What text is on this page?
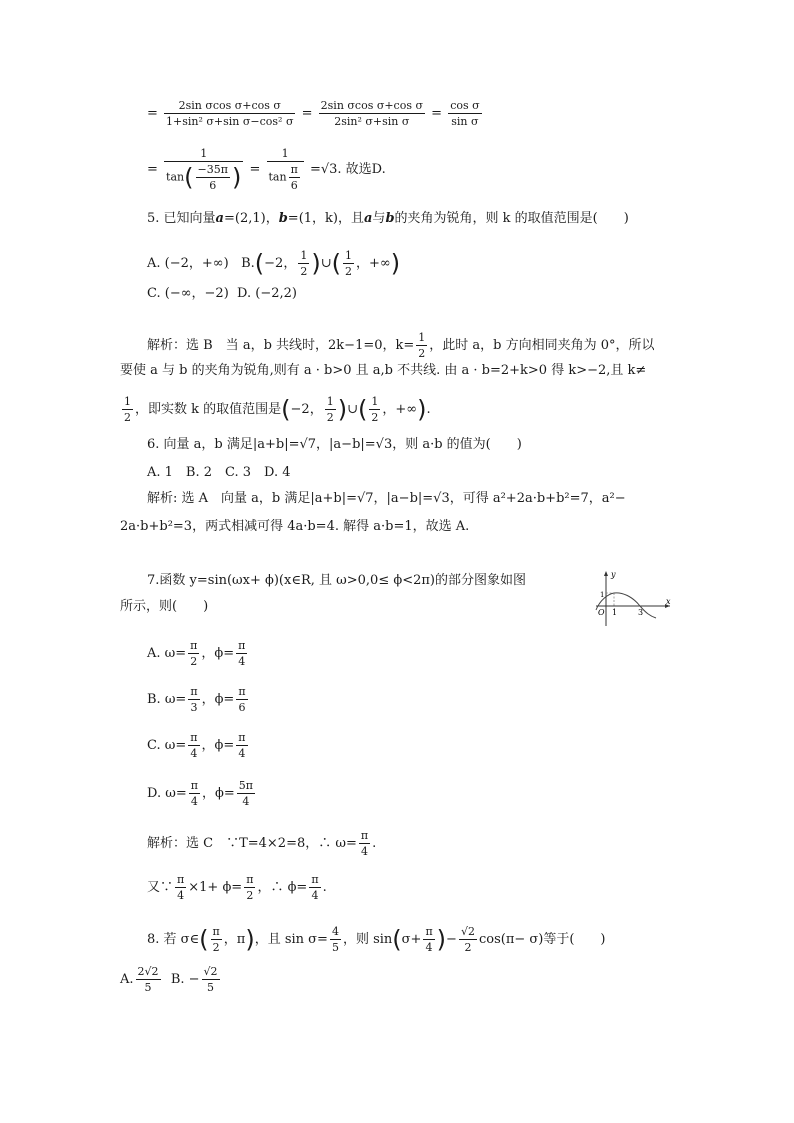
= $\frac{\text{2sin σcos σ+cos σ}}{\text{1+sin² σ+sin σ−cos² σ}} = \frac{\text{2sin σcos σ+cos σ}}{\text{2sin² σ+sin σ}} = \frac{\text{cos σ}}{\text{sin σ}}$
= $\frac{1}{\tan( \frac{-35\pi}{6} )} = \frac{1}{\tan \frac{\pi}{6}} =√3$. 故选D.
5. 已知向量a=(2,1)，b=(1，k)，且a与b的夹角为锐角，则 k 的取值范围是(　　)
A. (−2，+∞) B.(−2， $\frac{1}{2}$ )∪( $\frac{1}{2}$ ，+∞)
C. (−∞，−2) D. (−2,2)
解析：选 B　当 a，b 共线时，2k−1=0，$k= \frac{1}{2}$ ，此时 a，b 方向相同夹角为 0°，所以
要使 a 与 b 的夹角为锐角,则有 a · b>0 且 a,b 不共线. 由 a · b=2+k>0 得 k>−2,且 k≠
$\frac{1}{2}$ ，即实数 k 的取值范围是(−2， $\frac{1}{2}$ )∪( $\frac{1}{2}$ ，+∞).
6. 向量 a，b 满足|a+b|=√7，|a−b|=√3，则 a·b 的值为(　　)
A. 1　B. 2　C. 3　D. 4
解析: 选 A　向量 a，b 满足|a+b|=√7，|a−b|=√3，可得 a²+2a·b+b²=7，a²−
2a·b+b²=3，两式相减可得 4a·b=4. 解得 a·b=1，故选 A.
7.函数 y=sin(ωx+ ϕ)(x∈R, 且 ω>0,0≤ ϕ<2π)的部分图象如图
所示，则(　　)
A. $\omega= \frac{\pi}{2}$ ，$\phi= \frac{\pi}{4}$
B. $\omega= \frac{\pi}{3}$ ，$\phi= \frac{\pi}{6}$
C. $\omega= \frac{\pi}{4}$ ，$\phi= \frac{\pi}{4}$
D. $\omega= \frac{\pi}{4}$ ，$\phi= \frac{5\pi}{4}$
解析：选 C　∵T=4×2=8，∴ $\omega= \frac{\pi}{4}$ .
又∵ $\frac{\pi}{4} \times 1+ \phi= \frac{\pi}{2}$ ，∴ $\phi= \frac{\pi}{4}$ .
y
x
O 1	3
1
8. 若 σ∈( $\frac{\pi}{2}$ ，π)，且 $\sin \sigma= \frac{4}{5}$ ，则 $\sin(\sigma+ \frac{\pi}{4}$ )− $\frac{√2}{2} \cos(\pi- \sigma)$等于(　　)
A. $\frac{2√2}{5} B$. − $\frac{√2}{5}$
